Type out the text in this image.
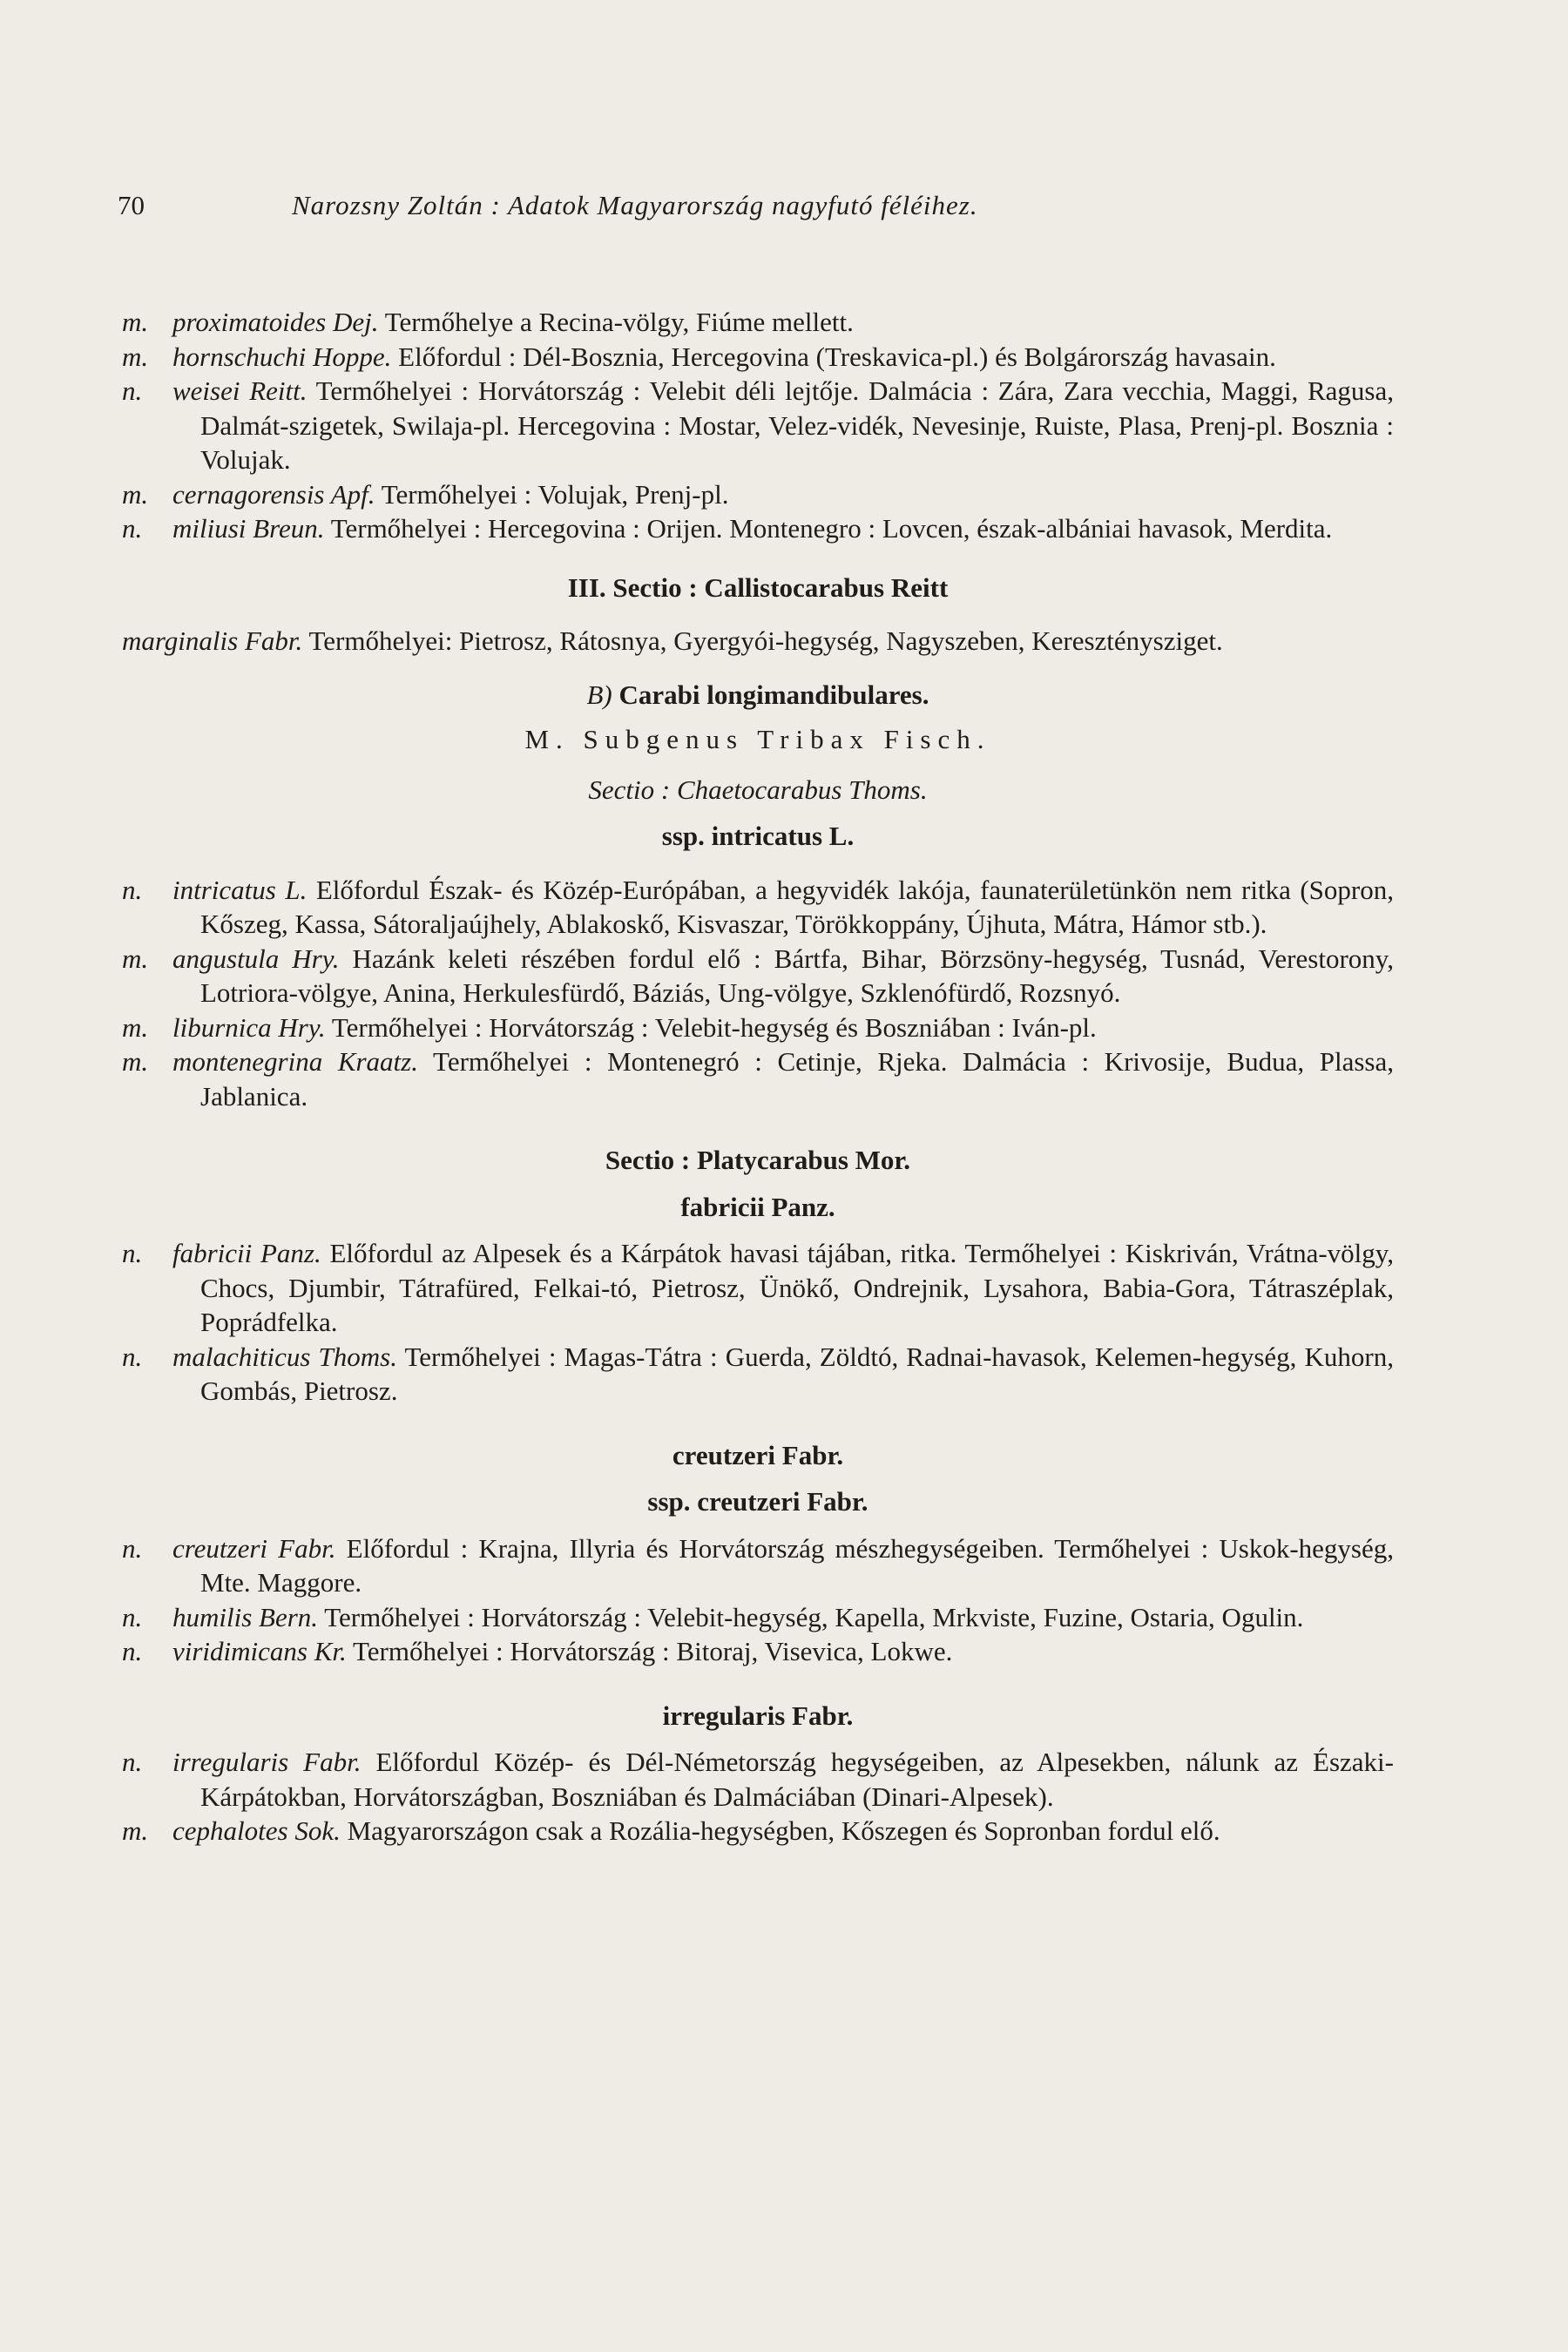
70	Narozsny Zoltán : Adatok Magyarország nagyfutó féléihez.
m. proximatoides Dej. Termőhelye a Recina-völgy, Fiúme mellett.
m. hornschuchi Hoppe. Előfordul : Dél-Bosznia, Hercegovina (Treskavica-pl.) és Bolgárország havasain.
n. weisei Reitt. Termőhelyei : Horvátország : Velebit déli lejtője. Dalmácia : Zára, Zara vecchia, Maggi, Ragusa, Dalmát-szigetek, Swilaja-pl. Hercegovina : Mostar, Velez-vidék, Nevesinje, Ruiste, Plasa, Prenj-pl. Bosznia : Volujak.
m. cernagorensis Apf. Termőhelyei : Volujak, Prenj-pl.
n. miliusi Breun. Termőhelyei : Hercegovina : Orijen. Montenegro : Lovcen, észak-albániai havasok, Merdita.
III. Sectio : Callistocarabus Reitt
marginalis Fabr. Termőhelyei: Pietrosz, Rátosnya, Gyergyói-hegység, Nagyszeben, Kereszténysziget.
B) Carabi longimandibulares.
M. Subgenus Tribax Fisch.
Sectio : Chaetocarabus Thoms.
ssp. intricatus L.
n. intricatus L. Előfordul Észak- és Közép-Európában, a hegyvidék lakója, faunaterületünkön nem ritka (Sopron, Kőszeg, Kassa, Sátoraljaújhely, Ablakoskő, Kisvaszar, Törökkoppány, Újhuta, Mátra, Hámor stb.).
m. angustula Hry. Hazánk keleti részében fordul elő : Bártfa, Bihar, Börzsöny-hegység, Tusnád, Verestorony, Lotriora-völgye, Anina, Herkulesfürdő, Báziás, Ung-völgye, Szklenófürdő, Rozsnyó.
m. liburnica Hry. Termőhelyei : Horvátország : Velebit-hegység és Boszniában : Iván-pl.
m. montenegrina Kraatz. Termőhelyei : Montenegró : Cetinje, Rjeka. Dalmácia : Krivosije, Budua, Plassa, Jablanica.
Sectio : Platycarabus Mor.
fabricii Panz.
n. fabricii Panz. Előfordul az Alpesek és a Kárpátok havasi tájában, ritka. Termőhelyei : Kiskriván, Vrátna-völgy, Chocs, Djumbir, Tátrafüred, Felkai-tó, Pietrosz, Ünökő, Ondrejnik, Lysahora, Babia-Gora, Tátraszéplak, Poprádfelka.
n. malachiticus Thoms. Termőhelyei : Magas-Tátra : Guerda, Zöldtó, Radnai-havasok, Kelemen-hegység, Kuhorn, Gombás, Pietrosz.
creutzeri Fabr.
ssp. creutzeri Fabr.
n. creutzeri Fabr. Előfordul : Krajna, Illyria és Horvátország mészhegységeiben. Termőhelyei : Uskok-hegység, Mte. Maggore.
n. humilis Bern. Termőhelyei : Horvátország : Velebit-hegység, Kapella, Mrkviste, Fuzine, Ostaria, Ogulin.
n. viridimicans Kr. Termőhelyei : Horvátország : Bitoraj, Visevica, Lokwe.
irregularis Fabr.
n. irregularis Fabr. Előfordul Közép- és Dél-Németország hegységeiben, az Alpesekben, nálunk az Északi-Kárpátokban, Horvátországban, Boszniában és Dalmáciában (Dinari-Alpesek).
m. cephalotes Sok. Magyarországon csak a Rozália-hegységben, Kőszegen és Sopronban fordul elő.
